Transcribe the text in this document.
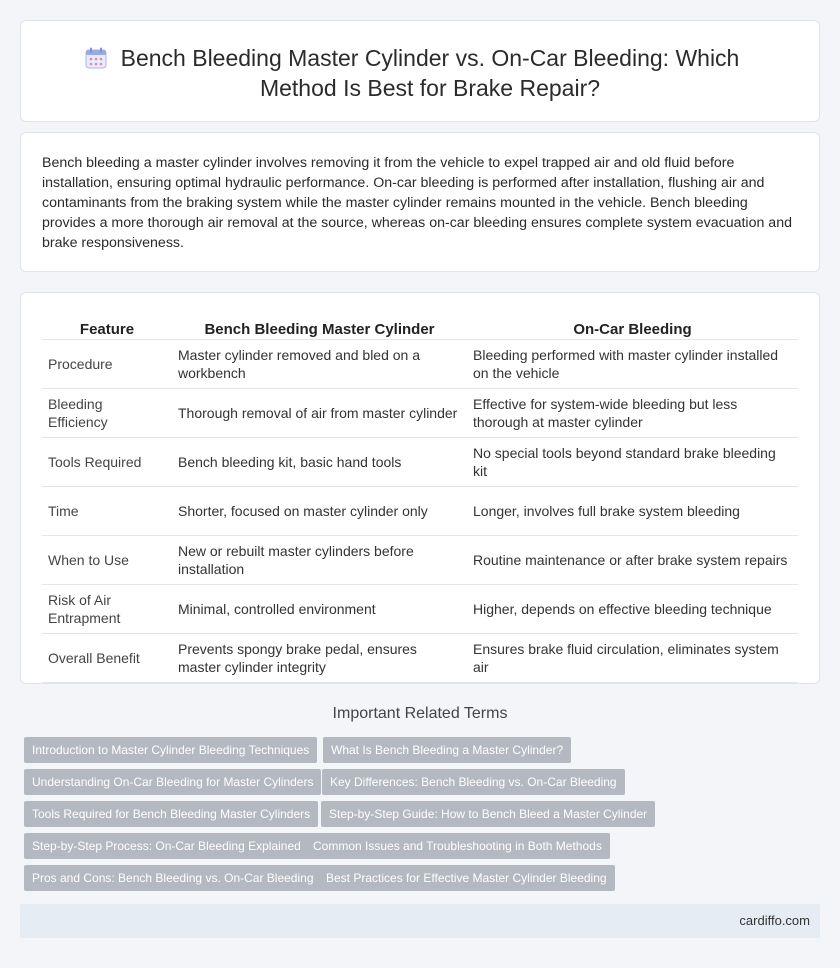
Bench Bleeding Master Cylinder vs. On-Car Bleeding: Which Method Is Best for Brake Repair?

Bench bleeding a master cylinder involves removing it from the vehicle to expel trapped air and old fluid before installation, ensuring optimal hydraulic performance. On-car bleeding is performed after installation, flushing air and contaminants from the braking system while the master cylinder remains mounted in the vehicle. Bench bleeding provides a more thorough air removal at the source, whereas on-car bleeding ensures complete system evacuation and brake responsiveness.

Feature	Bench Bleeding Master Cylinder	On-Car Bleeding
Procedure	Master cylinder removed and bled on a workbench	Bleeding performed with master cylinder installed on the vehicle
Bleeding Efficiency	Thorough removal of air from master cylinder	Effective for system-wide bleeding but less thorough at master cylinder
Tools Required	Bench bleeding kit, basic hand tools	No special tools beyond standard brake bleeding kit
Time	Shorter, focused on master cylinder only	Longer, involves full brake system bleeding
When to Use	New or rebuilt master cylinders before installation	Routine maintenance or after brake system repairs
Risk of Air Entrapment	Minimal, controlled environment	Higher, depends on effective bleeding technique
Overall Benefit	Prevents spongy brake pedal, ensures master cylinder integrity	Ensures brake fluid circulation, eliminates system air
Important Related Terms
Introduction to Master Cylinder Bleeding Techniques	What Is Bench Bleeding a Master Cylinder?
Understanding On-Car Bleeding for Master Cylinders	Key Differences: Bench Bleeding vs. On-Car Bleeding
Tools Required for Bench Bleeding Master Cylinders	Step-by-Step Guide: How to Bench Bleed a Master Cylinder
Step-by-Step Process: On-Car Bleeding Explained	Common Issues and Troubleshooting in Both Methods
Pros and Cons: Bench Bleeding vs. On-Car Bleeding	Best Practices for Effective Master Cylinder Bleeding
cardiffo.com
